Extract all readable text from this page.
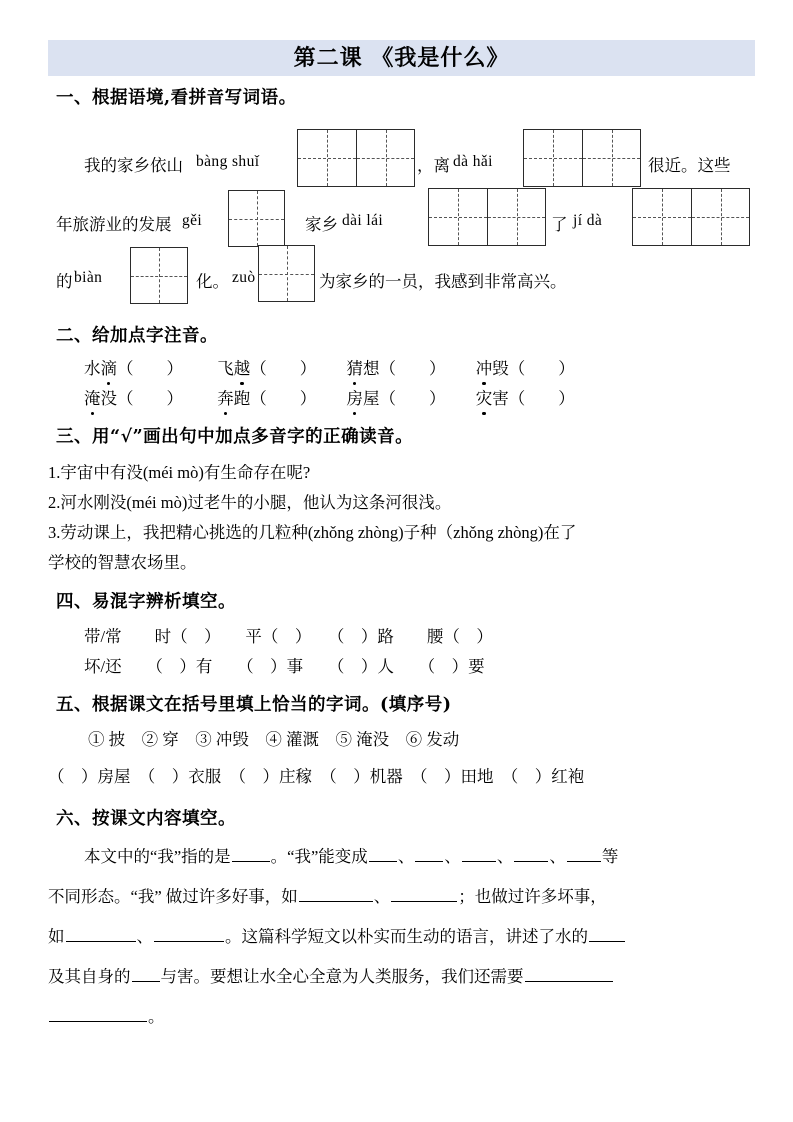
第二课 《我是什么》
一、根据语境,看拼音写词语。
我的家乡依山 bàng shuǐ	，离 dà hǎi	很近。这些
年旅游业的发展 gěi	家乡 dài lái	了 jí dà
的 biàn	化。 zuò	为家乡的一员，我感到非常高兴。
二、给加点字注音。
水滴（　　） 飞越（　　） 猜想（　　） 冲毁（　　）
淹没（　　） 奔跑（　　） 房屋（　　） 灾害（　　）
三、用“√”画出句中加点多音字的正确读音。
1.宇宙中有没(méi mò)有生命存在呢?
2.河水刚没(méi mò)过老牛的小腿，他认为这条河很浅。
3.劳动课上，我把精心挑选的几粒种(zhǒng zhòng)子种（zhǒng zhòng)在了
学校的智慧农场里。
四、易混字辨析填空。
带/常　　时（　）　　平（　）　　（　）路　　腰（　）
坏/还　　（　）有　　（　）事　　（　）人　　（　）要
五、根据课文在括号里填上恰当的字词。(填序号)
① 披　② 穿　③ 冲毁　④ 灌溉　⑤ 淹没　⑥ 发动
（　）房屋　（　）衣服　（　）庄稼　（　）机器　（　）田地　（　）红袍
六、按课文内容填空。
本文中的“我”指的是 。“我”能变成 、 、 、 、 等
不同形态。“我” 做过许多好事，如	、	；也做过许多坏事，
如	、	。这篇科学短文以朴实而生动的语言，讲述了水的
及其自身的 与害。要想让水全心全意为人类服务，我们还需要
。
